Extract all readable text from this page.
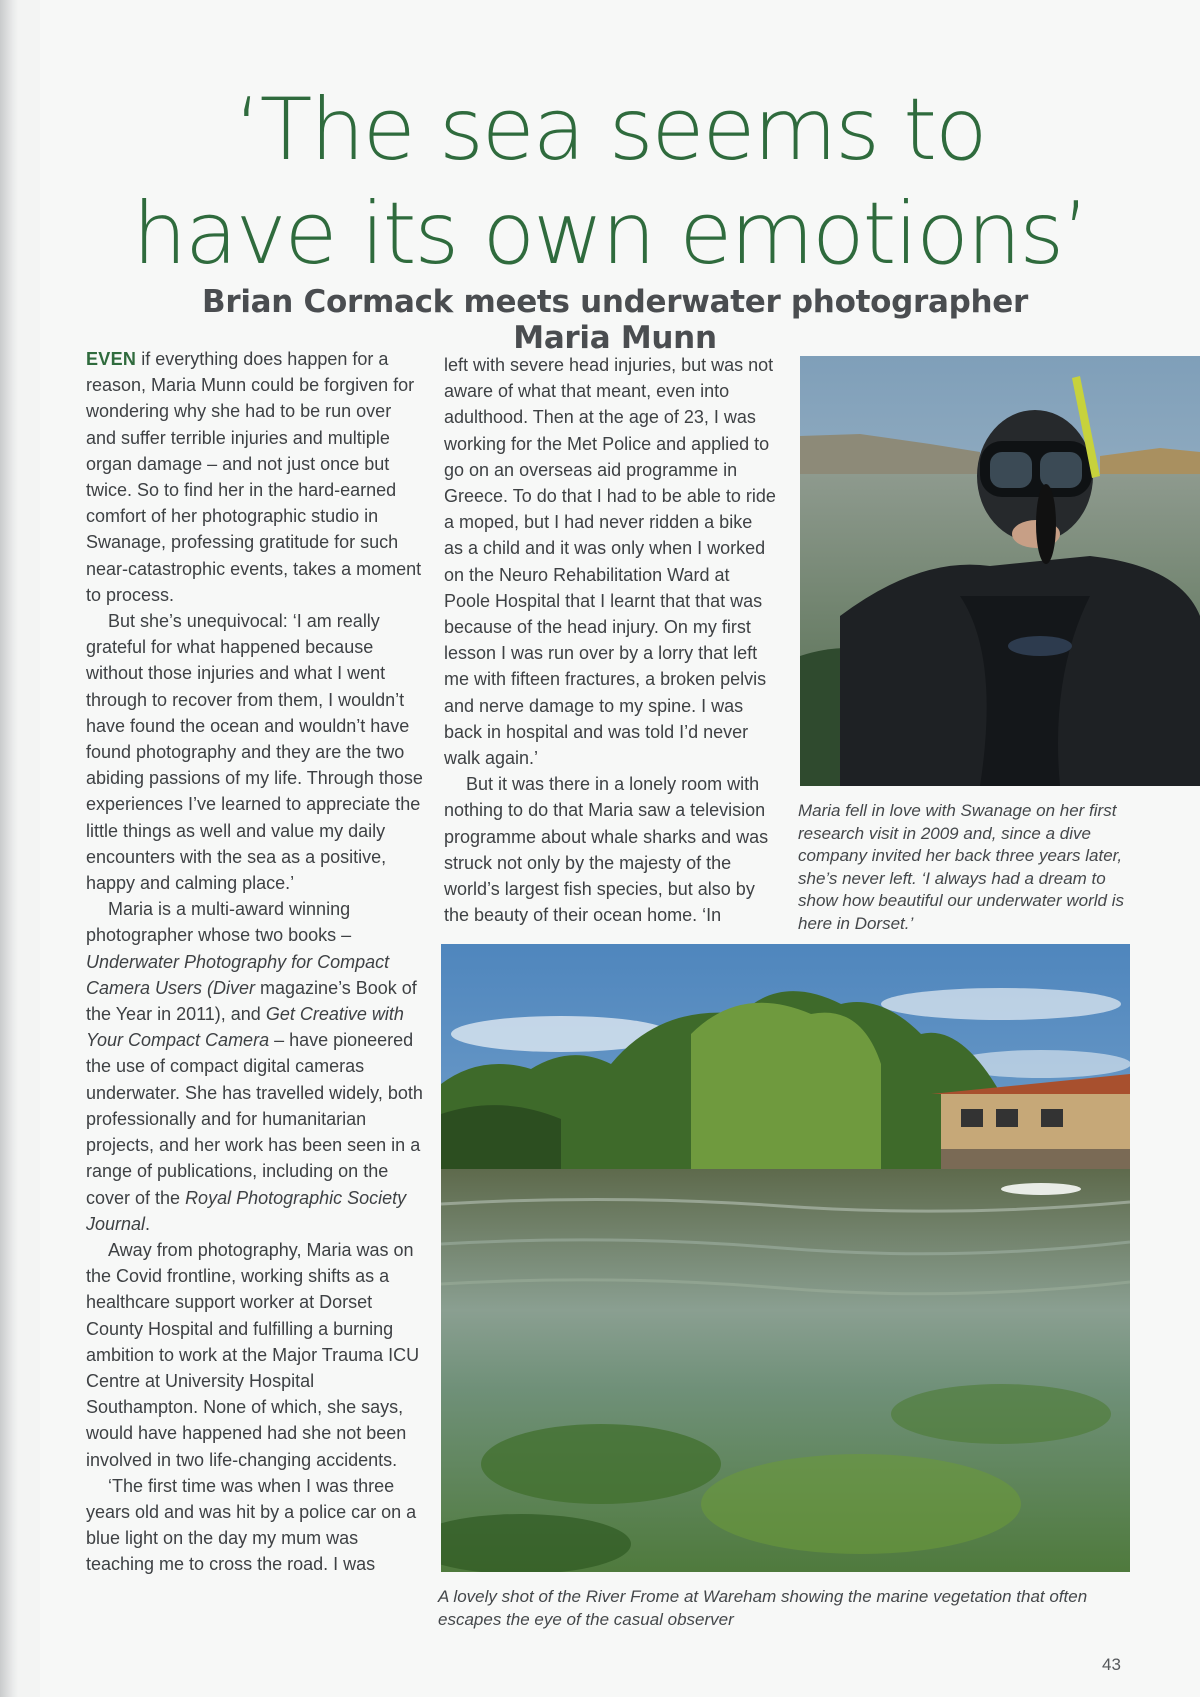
‘The sea seems to have its own emotions’
Brian Cormack meets underwater photographer Maria Munn

EVEN if everything does happen for a reason, Maria Munn could be forgiven for wondering why she had to be run over and suffer terrible injuries and multiple organ damage – and not just once but twice. So to find her in the hard-earned comfort of her photographic studio in Swanage, professing gratitude for such near-catastrophic events, takes a moment to process.

But she’s unequivocal: ‘I am really grateful for what happened because without those injuries and what I went through to recover from them, I wouldn’t have found the ocean and wouldn’t have found photography and they are the two abiding passions of my life. Through those experiences I’ve learned to appreciate the little things as well and value my daily encounters with the sea as a positive, happy and calming place.’

Maria is a multi-award winning photographer whose two books – Underwater Photography for Compact Camera Users (Diver magazine’s Book of the Year in 2011), and Get Creative with Your Compact Camera – have pioneered the use of compact digital cameras underwater. She has travelled widely, both professionally and for humanitarian projects, and her work has been seen in a range of publications, including on the cover of the Royal Photographic Society Journal.

Away from photography, Maria was on the Covid frontline, working shifts as a healthcare support worker at Dorset County Hospital and fulfilling a burning ambition to work at the Major Trauma ICU Centre at University Hospital Southampton. None of which, she says, would have happened had she not been involved in two life-changing accidents.

‘The first time was when I was three years old and was hit by a police car on a blue light on the day my mum was teaching me to cross the road. I was

left with severe head injuries, but was not aware of what that meant, even into adulthood. Then at the age of 23, I was working for the Met Police and applied to go on an overseas aid programme in Greece. To do that I had to be able to ride a moped, but I had never ridden a bike as a child and it was only when I worked on the Neuro Rehabilitation Ward at Poole Hospital that I learnt that that was because of the head injury. On my first lesson I was run over by a lorry that left me with fifteen fractures, a broken pelvis and nerve damage to my spine. I was back in hospital and was told I’d never walk again.’

But it was there in a lonely room with nothing to do that Maria saw a television programme about whale sharks and was struck not only by the majesty of the world’s largest fish species, but also by the beauty of their ocean home. ‘In

Maria fell in love with Swanage on her first research visit in 2009 and, since a dive company invited her back three years later, she’s never left. ‘I always had a dream to show how beautiful our underwater world is here in Dorset.’
A lovely shot of the River Frome at Wareham showing the marine vegetation that often escapes the eye of the casual observer
43
